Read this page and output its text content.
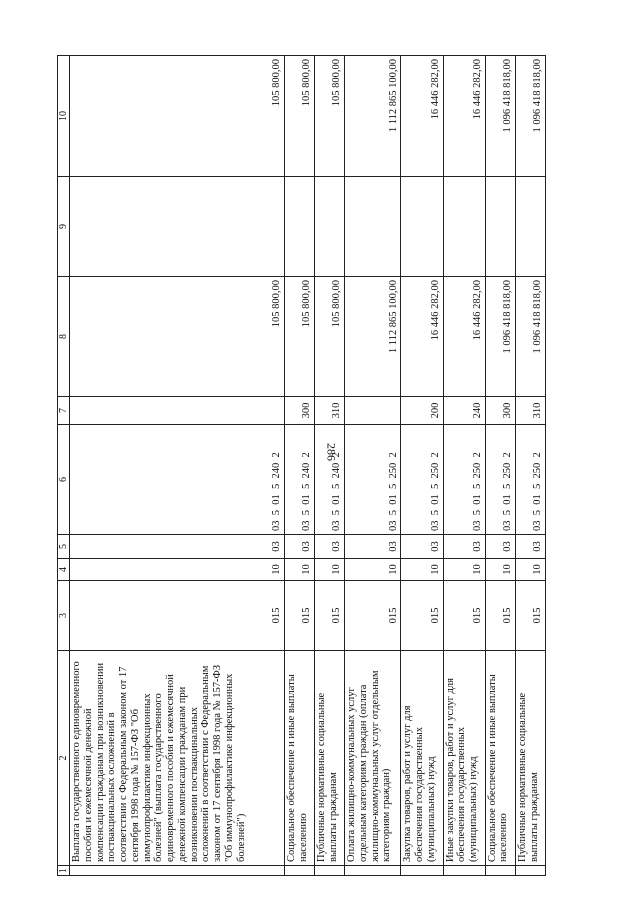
286
1	2	3	4	5	6	7	8	9	10
	Выплата государственного единовременного пособия и ежемесячной денежной компенсации гражданам при возникновении поствакцинальных осложнений в соответствии с Федеральным законом от 17 сентября 1998 года № 157-ФЗ "Об иммунопрофилактике инфекционных болезней" (выплата государственного единовременного пособия и ежемесячной денежной компенсации гражданам при возникновении поствакцинальных осложнений в соответствии с Федеральным законом от 17 сентября 1998 года № 157-ФЗ "Об иммунопрофилактике инфекционных болезней")	015	10	03	03  5  01  5  240  2		105 800,00		105 800,00
	Социальное обеспечение и иные выплаты населению	015	10	03	03  5  01  5  240  2	300	105 800,00		105 800,00
	Публичные нормативные социальные выплаты гражданам	015	10	03	03  5  01  5  240  2	310	105 800,00		105 800,00
	Оплата жилищно-коммунальных услуг отдельным категориям граждан (оплата жилищно-коммунальных услуг отдельным категориям граждан)	015	10	03	03  5  01  5  250  2		1 112 865 100,00		1 112 865 100,00
	Закупка товаров, работ и услуг для обеспечения государственных (муниципальных) нужд	015	10	03	03  5  01  5  250  2	200	16 446 282,00		16 446 282,00
	Иные закупки товаров, работ и услуг для обеспечения государственных (муниципальных) нужд	015	10	03	03  5  01  5  250  2	240	16 446 282,00		16 446 282,00
	Социальное обеспечение и иные выплаты населению	015	10	03	03  5  01  5  250  2	300	1 096 418 818,00		1 096 418 818,00
	Публичные нормативные социальные выплаты гражданам	015	10	03	03  5  01  5  250  2	310	1 096 418 818,00		1 096 418 818,00
